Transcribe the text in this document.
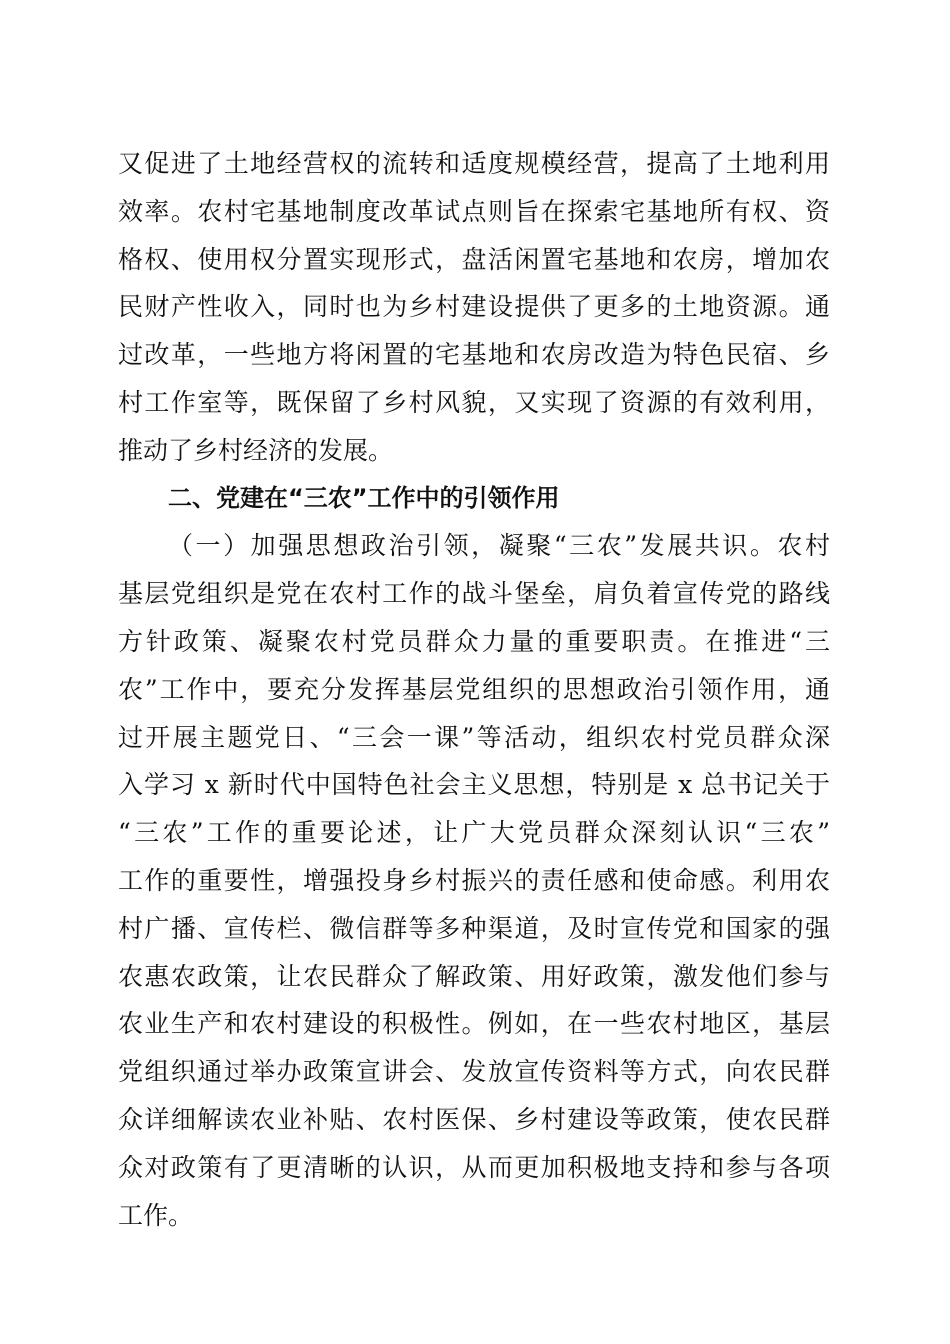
又促进了土地经营权的流转和适度规模经营，提高了土地利用
效率。农村宅基地制度改革试点则旨在探索宅基地所有权、资
格权、使用权分置实现形式，盘活闲置宅基地和农房，增加农
民财产性收入，同时也为乡村建设提供了更多的土地资源。通
过改革，一些地方将闲置的宅基地和农房改造为特色民宿、乡
村工作室等，既保留了乡村风貌，又实现了资源的有效利用，
推动了乡村经济的发展。
二、党建在“三农”工作中的引领作用
（一）加强思想政治引领，凝聚“三农”发展共识。农村
基层党组织是党在农村工作的战斗堡垒，肩负着宣传党的路线
方针政策、凝聚农村党员群众力量的重要职责。在推进“三
农”工作中，要充分发挥基层党组织的思想政治引领作用，通
过开展主题党日、“三会一课”等活动，组织农村党员群众深
入学习 x 新时代中国特色社会主义思想，特别是 x 总书记关于
“三农”工作的重要论述，让广大党员群众深刻认识“三农”
工作的重要性，增强投身乡村振兴的责任感和使命感。利用农
村广播、宣传栏、微信群等多种渠道，及时宣传党和国家的强
农惠农政策，让农民群众了解政策、用好政策，激发他们参与
农业生产和农村建设的积极性。例如，在一些农村地区，基层
党组织通过举办政策宣讲会、发放宣传资料等方式，向农民群
众详细解读农业补贴、农村医保、乡村建设等政策，使农民群
众对政策有了更清晰的认识，从而更加积极地支持和参与各项
工作。
